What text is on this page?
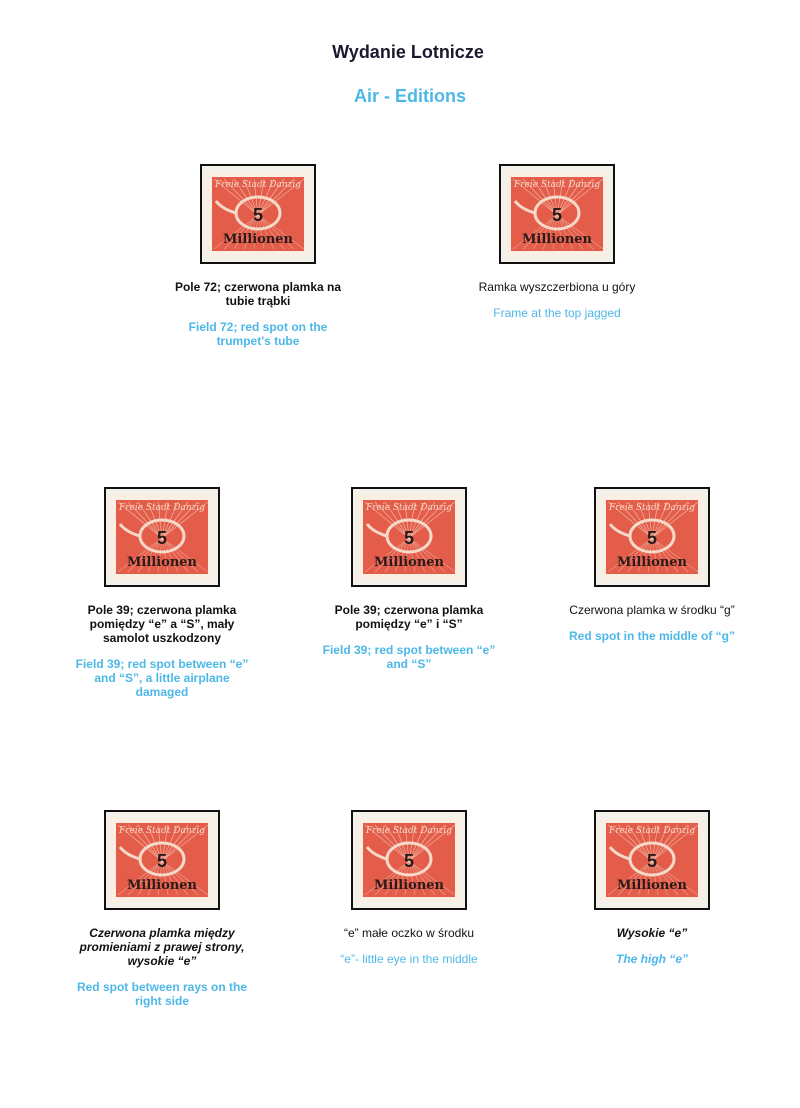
Wydanie Lotnicze
Air - Editions
Freie Stadt Danzig
5
Millionen
Pole 72; czerwona plamka na tubie trąbki
Field 72; red spot on the trumpet's tube
Freie Stadt Danzig
5
Millionen
Ramka wyszczerbiona u góry
Frame at the top jagged
Freie Stadt Danzig
5
Millionen
Pole 39; czerwona plamka pomiędzy “e” a “S”, mały samolot uszkodzony
Field 39; red spot between “e” and “S”, a little airplane damaged
Freie Stadt Danzig
5
Millionen
Pole 39; czerwona plamka pomiędzy “e” i “S”
Field 39; red spot between “e” and “S”
Freie Stadt Danzig
5
Millionen
Czerwona plamka w środku “g”
Red spot in the middle of “g”
Freie Stadt Danzig
5
Millionen
Czerwona plamka między promieniami z prawej strony, wysokie “e”
Red spot between rays on the right side
Freie Stadt Danzig
5
Millionen
“e” małe oczko w środku
“e”- little eye in the middle
Freie Stadt Danzig
5
Millionen
Wysokie “e”
The high “e”
